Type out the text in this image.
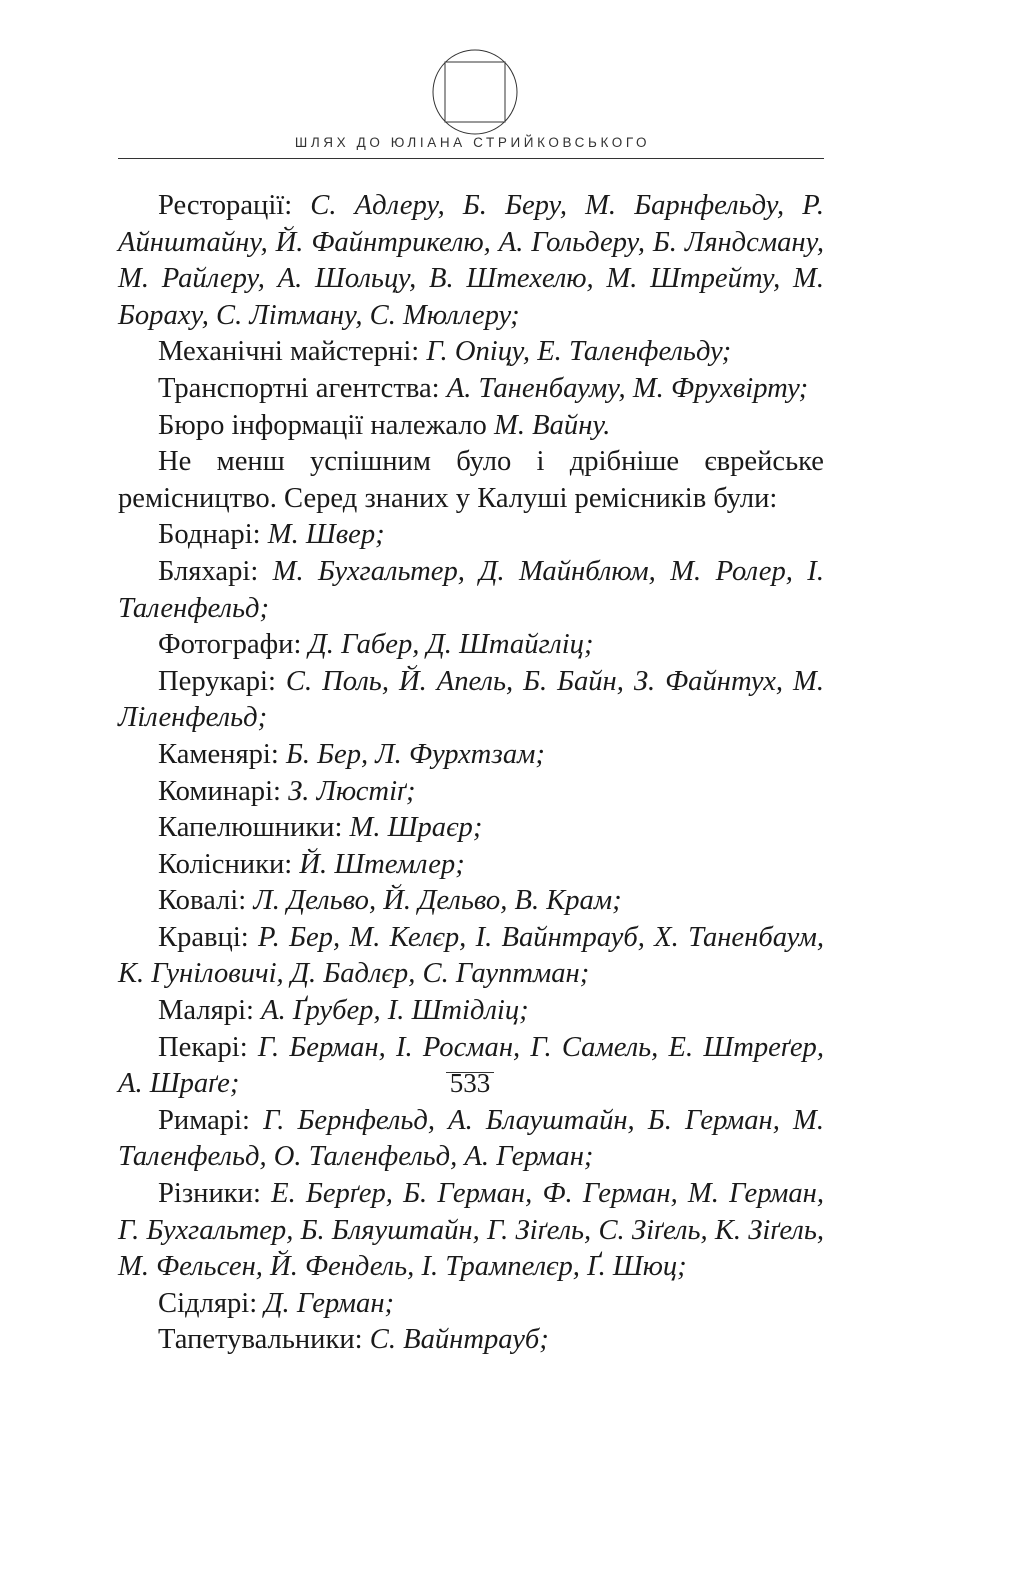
ШЛЯХ ДО ЮЛІАНА СТРИЙКОВСЬКОГО

Ресторації: С. Адлеру, Б. Беру, М. Барнфельду, Р. Айнштайну, Й. Файнтрикелю, А. Гольдеру, Б. Ляндсману, М. Райлеру, А. Шольцу, В. Штехелю, М. Штрейту, М. Бораху, С. Літману, С. Мюллеру;

Механічні майстерні: Г. Опіцу, Е. Таленфельду;

Транспортні агентства: А. Таненбауму, М. Фрухвірту;

Бюро інформації належало М. Вайну.

Не менш успішним було і дрібніше єврейське ремісництво. Серед знаних у Калуші ремісників були:

Боднарі: М. Швер;

Бляхарі: М. Бухгальтер, Д. Майнблюм, М. Ролер, І. Таленфельд;

Фотографи: Д. Габер, Д. Штайгліц;

Перукарі: С. Поль, Й. Апель, Б. Байн, З. Файнтух, М. Ліленфельд;

Каменярі: Б. Бер, Л. Фурхтзам;

Коминарі: З. Люстіґ;

Капелюшники: М. Шраєр;

Колісники: Й. Штемлер;

Ковалі: Л. Дельво, Й. Дельво, В. Крам;

Кравці: Р. Бер, М. Келєр, І. Вайнтрауб, Х. Таненбаум, К. Гуніловичі, Д. Бадлєр, С. Гауптман;

Малярі: А. Ґрубер, І. Штідліц;

Пекарі: Г. Берман, І. Росман, Г. Самель, Е. Штреґер, А. Шраґе;

Римарі: Г. Бернфельд, А. Блауштайн, Б. Герман, М. Таленфельд, О. Таленфельд, А. Герман;

Різники: Е. Берґер, Б. Герман, Ф. Герман, М. Герман, Г. Бухгальтер, Б. Бляуштайн, Г. Зіґель, С. Зіґель, К. Зіґель, М. Фельсен, Й. Фендель, І. Трампелєр, Ґ. Шюц;

Сідлярі: Д. Герман;

Тапетувальники: С. Вайнтрауб;

533
